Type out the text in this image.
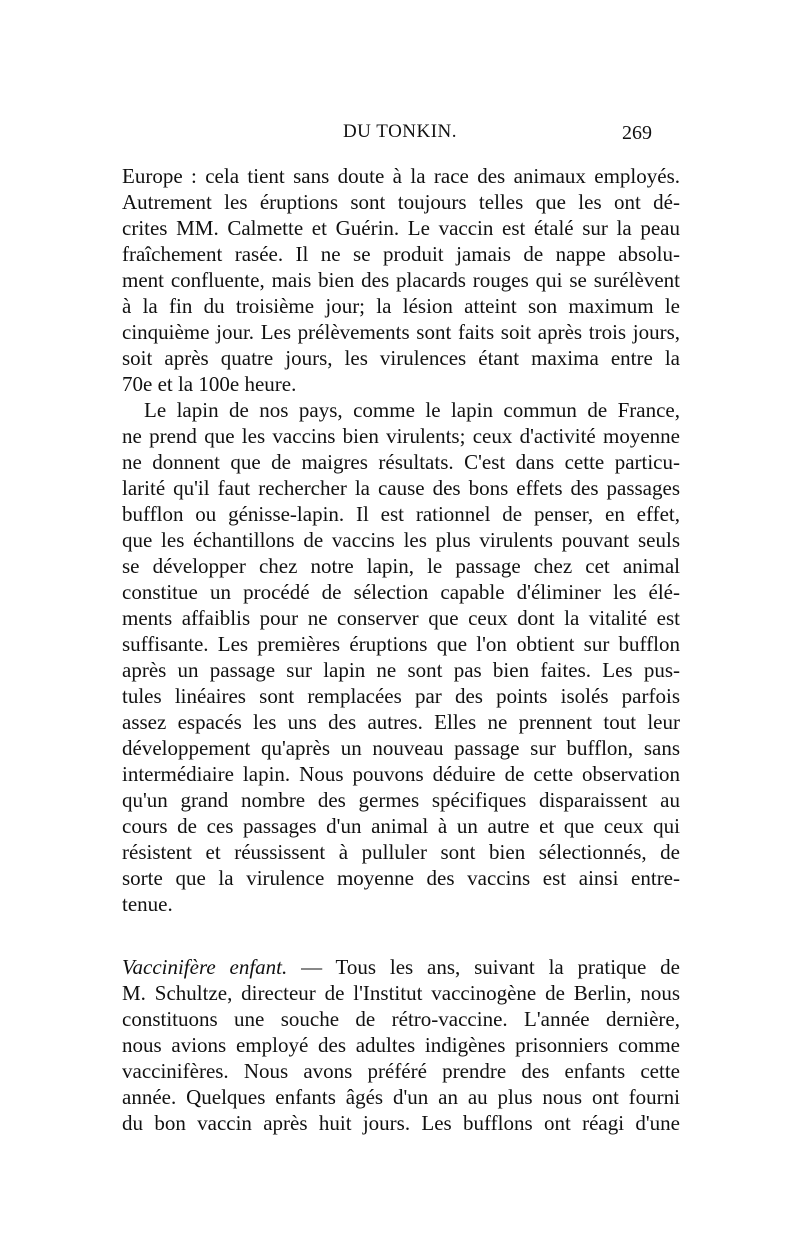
DU TONKIN.	269
Europe : cela tient sans doute à la race des animaux employés.
Autrement les éruptions sont toujours telles que les ont dé-
crites MM. Calmette et Guérin. Le vaccin est étalé sur la peau
fraîchement rasée. Il ne se produit jamais de nappe absolu-
ment confluente, mais bien des placards rouges qui se surélèvent
à la fin du troisième jour; la lésion atteint son maximum le
cinquième jour. Les prélèvements sont faits soit après trois jours,
soit après quatre jours, les virulences étant maxima entre la
70e et la 100e heure.
Le lapin de nos pays, comme le lapin commun de France,
ne prend que les vaccins bien virulents; ceux d'activité moyenne
ne donnent que de maigres résultats. C'est dans cette particu-
larité qu'il faut rechercher la cause des bons effets des passages
bufflon ou génisse-lapin. Il est rationnel de penser, en effet,
que les échantillons de vaccins les plus virulents pouvant seuls
se développer chez notre lapin, le passage chez cet animal
constitue un procédé de sélection capable d'éliminer les élé-
ments affaiblis pour ne conserver que ceux dont la vitalité est
suffisante. Les premières éruptions que l'on obtient sur bufflon
après un passage sur lapin ne sont pas bien faites. Les pus-
tules linéaires sont remplacées par des points isolés parfois
assez espacés les uns des autres. Elles ne prennent tout leur
développement qu'après un nouveau passage sur bufflon, sans
intermédiaire lapin. Nous pouvons déduire de cette observation
qu'un grand nombre des germes spécifiques disparaissent au
cours de ces passages d'un animal à un autre et que ceux qui
résistent et réussissent à pulluler sont bien sélectionnés, de
sorte que la virulence moyenne des vaccins est ainsi entre-
tenue.
Vaccinifère enfant. — Tous les ans, suivant la pratique de
M. Schultze, directeur de l'Institut vaccinogène de Berlin, nous
constituons une souche de rétro-vaccine. L'année dernière,
nous avions employé des adultes indigènes prisonniers comme
vaccinifères. Nous avons préféré prendre des enfants cette
année. Quelques enfants âgés d'un an au plus nous ont fourni
du bon vaccin après huit jours. Les bufflons ont réagi d'une
